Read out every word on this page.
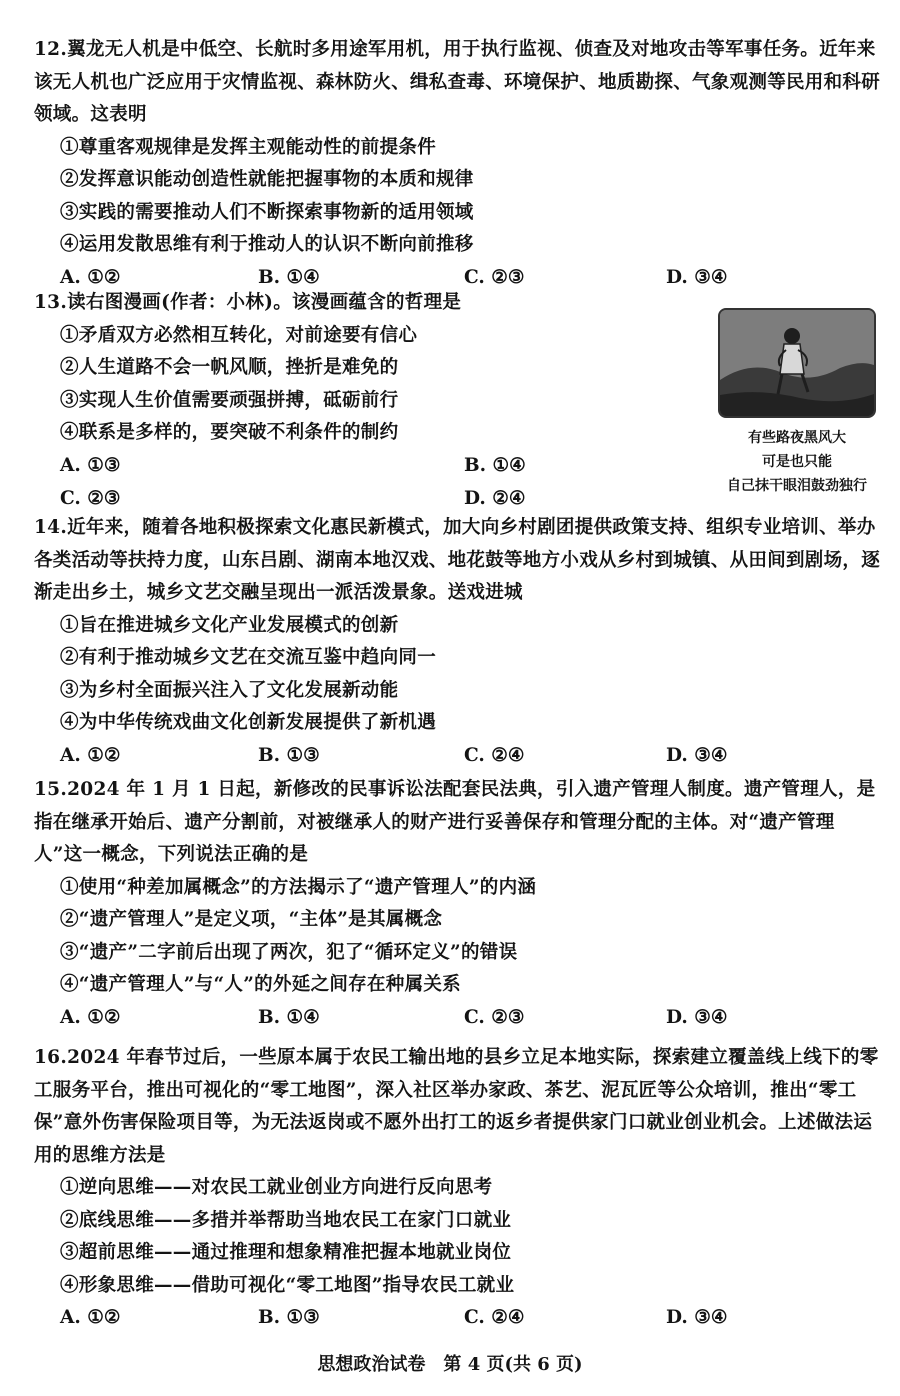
12.翼龙无人机是中低空、长航时多用途军用机，用于执行监视、侦查及对地攻击等军事任务。近年来该无人机也广泛应用于灾情监视、森林防火、缉私查毒、环境保护、地质勘探、气象观测等民用和科研领域。这表明
①尊重客观规律是发挥主观能动性的前提条件
②发挥意识能动创造性就能把握事物的本质和规律
③实践的需要推动人们不断探索事物新的适用领域
④运用发散思维有利于推动人的认识不断向前推移
A. ①②	B. ①④	C. ②③	D. ③④
13.读右图漫画(作者：小林)。该漫画蕴含的哲理是
①矛盾双方必然相互转化，对前途要有信心
②人生道路不会一帆风顺，挫折是难免的
③实现人生价值需要顽强拼搏，砥砺前行
④联系是多样的，要突破不利条件的制约
A. ①③	B. ①④
C. ②③	D. ②④
有些路夜黑风大
可是也只能
自己抹干眼泪鼓劲独行
14.近年来，随着各地积极探索文化惠民新模式，加大向乡村剧团提供政策支持、组织专业培训、举办各类活动等扶持力度，山东吕剧、湖南本地汉戏、地花鼓等地方小戏从乡村到城镇、从田间到剧场，逐渐走出乡土，城乡文艺交融呈现出一派活泼景象。送戏进城
①旨在推进城乡文化产业发展模式的创新
②有利于推动城乡文艺在交流互鉴中趋向同一
③为乡村全面振兴注入了文化发展新动能
④为中华传统戏曲文化创新发展提供了新机遇
A. ①②	B. ①③	C. ②④	D. ③④
15.2024 年 1 月 1 日起，新修改的民事诉讼法配套民法典，引入遗产管理人制度。遗产管理人，是指在继承开始后、遗产分割前，对被继承人的财产进行妥善保存和管理分配的主体。对“遗产管理人”这一概念，下列说法正确的是
①使用“种差加属概念”的方法揭示了“遗产管理人”的内涵
②“遗产管理人”是定义项，“主体”是其属概念
③“遗产”二字前后出现了两次，犯了“循环定义”的错误
④“遗产管理人”与“人”的外延之间存在种属关系
A. ①②	B. ①④	C. ②③	D. ③④
16.2024 年春节过后，一些原本属于农民工输出地的县乡立足本地实际，探索建立覆盖线上线下的零工服务平台，推出可视化的“零工地图”，深入社区举办家政、茶艺、泥瓦匠等公众培训，推出“零工保”意外伤害保险项目等，为无法返岗或不愿外出打工的返乡者提供家门口就业创业机会。上述做法运用的思维方法是
①逆向思维——对农民工就业创业方向进行反向思考
②底线思维——多措并举帮助当地农民工在家门口就业
③超前思维——通过推理和想象精准把握本地就业岗位
④形象思维——借助可视化“零工地图”指导农民工就业
A. ①②	B. ①③	C. ②④	D. ③④
思想政治试卷　第 4 页(共 6 页)
